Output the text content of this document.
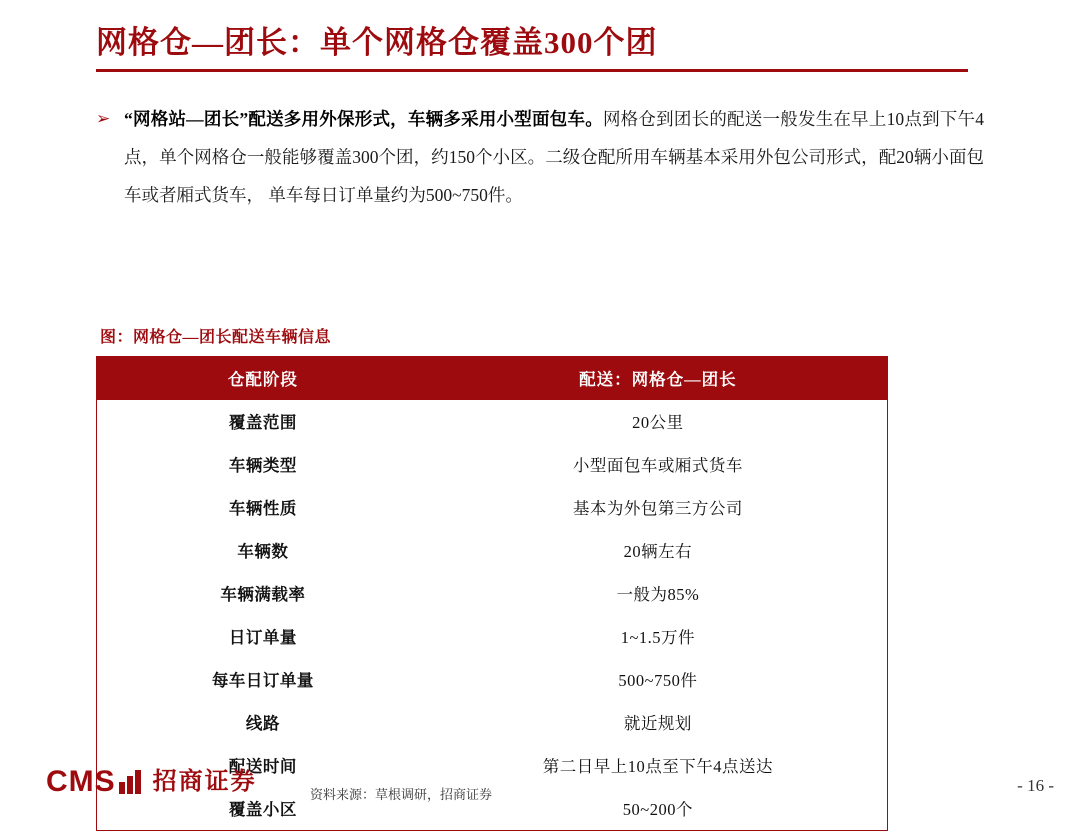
网格仓—团长：单个网格仓覆盖300个团
➢ “网格站—团长”配送多用外保形式，车辆多采用小型面包车。网格仓到团长的配送一般发生在早上10点到下午4点，单个网格仓一般能够覆盖300个团，约150个小区。二级仓配所用车辆基本采用外包公司形式，配20辆小面包车或者厢式货车， 单车每日订单量约为500~750件。
图：网格仓—团长配送车辆信息
仓配阶段	配送：网格仓—团长
覆盖范围	20公里
车辆类型	小型面包车或厢式货车
车辆性质	基本为外包第三方公司
车辆数	20辆左右
车辆满载率	一般为85%
日订单量	1~1.5万件
每车日订单量	500~750件
线路	就近规划
配送时间	第二日早上10点至下午4点送达
覆盖小区	50~200个
资料来源：草根调研，招商证券
CMS 招商证券	- 16 -
